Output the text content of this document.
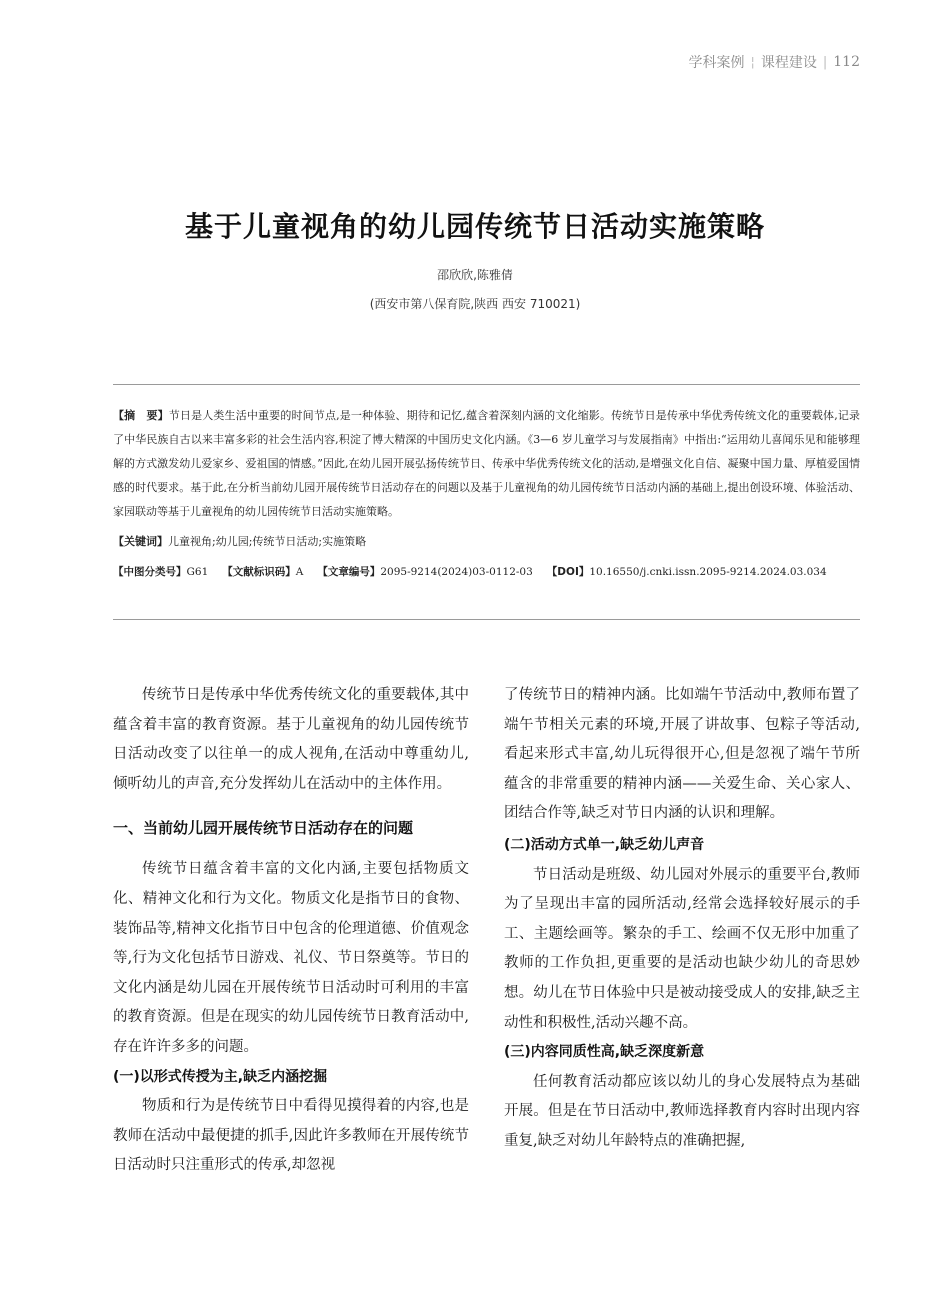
学科案例 ¦ 课程建设 | 112
基于儿童视角的幼儿园传统节日活动实施策略
邵欣欣,陈雅倩
(西安市第八保育院,陕西 西安 710021)

【摘　要】节日是人类生活中重要的时间节点,是一种体验、期待和记忆,蕴含着深刻内涵的文化缩影。传统节日是传承中华优秀传统文化的重要载体,记录了中华民族自古以来丰富多彩的社会生活内容,积淀了博大精深的中国历史文化内涵。《3—6 岁儿童学习与发展指南》中指出:“运用幼儿喜闻乐见和能够理解的方式激发幼儿爱家乡、爱祖国的情感。”因此,在幼儿园开展弘扬传统节日、传承中华优秀传统文化的活动,是增强文化自信、凝聚中国力量、厚植爱国情感的时代要求。基于此,在分析当前幼儿园开展传统节日活动存在的问题以及基于儿童视角的幼儿园传统节日活动内涵的基础上,提出创设环境、体验活动、家园联动等基于儿童视角的幼儿园传统节日活动实施策略。

【关键词】儿童视角;幼儿园;传统节日活动;实施策略

【中图分类号】G61 【文献标识码】A 【文章编号】2095-9214(2024)03-0112-03 【DOI】10.16550/j.cnki.issn.2095-9214.2024.03.034

传统节日是传承中华优秀传统文化的重要载体,其中蕴含着丰富的教育资源。基于儿童视角的幼儿园传统节日活动改变了以往单一的成人视角,在活动中尊重幼儿,倾听幼儿的声音,充分发挥幼儿在活动中的主体作用。

一、当前幼儿园开展传统节日活动存在的问题

传统节日蕴含着丰富的文化内涵,主要包括物质文化、精神文化和行为文化。物质文化是指节日的食物、装饰品等,精神文化指节日中包含的伦理道德、价值观念等,行为文化包括节日游戏、礼仪、节日祭奠等。节日的文化内涵是幼儿园在开展传统节日活动时可利用的丰富的教育资源。但是在现实的幼儿园传统节日教育活动中,存在许许多多的问题。

(一)以形式传授为主,缺乏内涵挖掘

物质和行为是传统节日中看得见摸得着的内容,也是教师在活动中最便捷的抓手,因此许多教师在开展传统节日活动时只注重形式的传承,却忽视

了传统节日的精神内涵。比如端午节活动中,教师布置了端午节相关元素的环境,开展了讲故事、包粽子等活动,看起来形式丰富,幼儿玩得很开心,但是忽视了端午节所蕴含的非常重要的精神内涵——关爱生命、关心家人、团结合作等,缺乏对节日内涵的认识和理解。

(二)活动方式单一,缺乏幼儿声音

节日活动是班级、幼儿园对外展示的重要平台,教师为了呈现出丰富的园所活动,经常会选择较好展示的手工、主题绘画等。繁杂的手工、绘画不仅无形中加重了教师的工作负担,更重要的是活动也缺少幼儿的奇思妙想。幼儿在节日体验中只是被动接受成人的安排,缺乏主动性和积极性,活动兴趣不高。

(三)内容同质性高,缺乏深度新意

任何教育活动都应该以幼儿的身心发展特点为基础开展。但是在节日活动中,教师选择教育内容时出现内容重复,缺乏对幼儿年龄特点的准确把握,
